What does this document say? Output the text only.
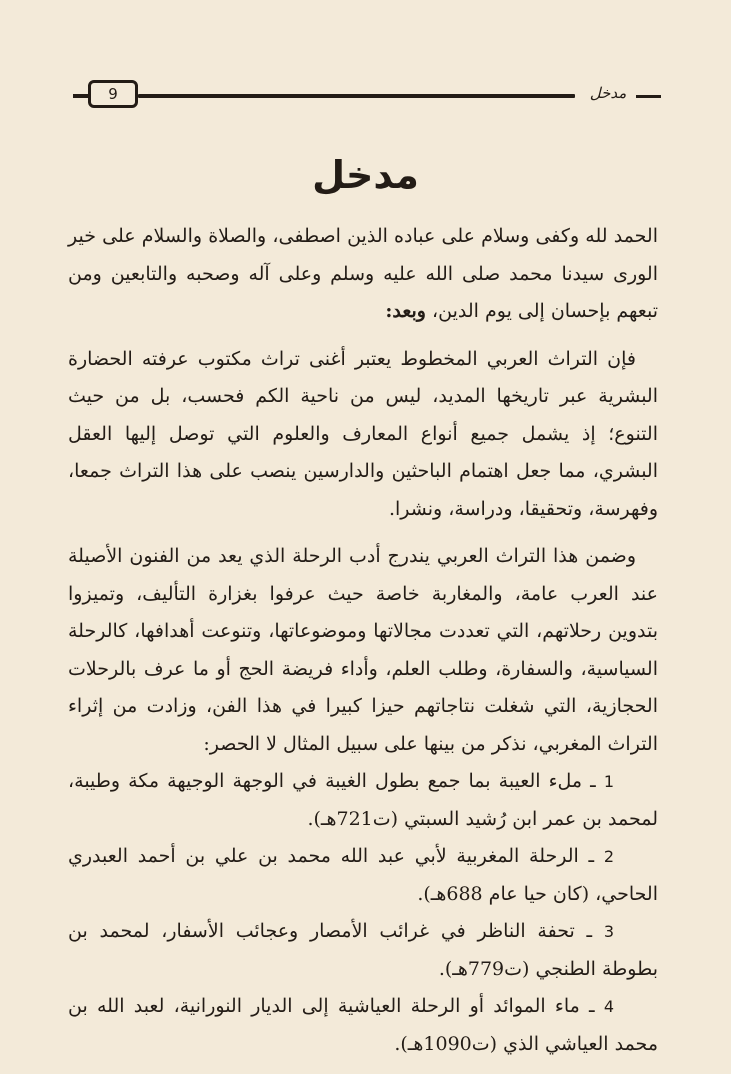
مدخل
9
مدخل

الحمد لله وكفى وسلام على عباده الذين اصطفى، والصلاة والسلام على خير الورى سيدنا محمد صلى الله عليه وسلم وعلى آله وصحبه والتابعين ومن تبعهم بإحسان إلى يوم الدين، وبعد:

فإن التراث العربي المخطوط يعتبر أغنى تراث مكتوب عرفته الحضارة البشرية عبر تاريخها المديد، ليس من ناحية الكم فحسب، بل من حيث التنوع؛ إذ يشمل جميع أنواع المعارف والعلوم التي توصل إليها العقل البشري، مما جعل اهتمام الباحثين والدارسين ينصب على هذا التراث جمعا، وفهرسة، وتحقيقا، ودراسة، ونشرا.

وضمن هذا التراث العربي يندرج أدب الرحلة الذي يعد من الفنون الأصيلة عند العرب عامة، والمغاربة خاصة حيث عرفوا بغزارة التأليف، وتميزوا بتدوين رحلاتهم، التي تعددت مجالاتها وموضوعاتها، وتنوعت أهدافها، كالرحلة السياسية، والسفارة، وطلب العلم، وأداء فريضة الحج أو ما عرف بالرحلات الحجازية، التي شغلت نتاجاتهم حيزا كبيرا في هذا الفن، وزادت من إثراء التراث المغربي، نذكر من بينها على سبيل المثال لا الحصر:

1 ـ ملء العيبة بما جمع بطول الغيبة في الوجهة الوجيهة مكة وطيبة، لمحمد بن عمر ابن رُشيد السبتي (ت721هـ).

2 ـ الرحلة المغربية لأبي عبد الله محمد بن علي بن أحمد العبدري الحاحي، (كان حيا عام 688هـ).

3 ـ تحفة الناظر في غرائب الأمصار وعجائب الأسفار، لمحمد بن بطوطة الطنجي (ت779هـ).

4 ـ ماء الموائد أو الرحلة العياشية إلى الديار النورانية، لعبد الله بن محمد العياشي الذي (ت1090هـ).
